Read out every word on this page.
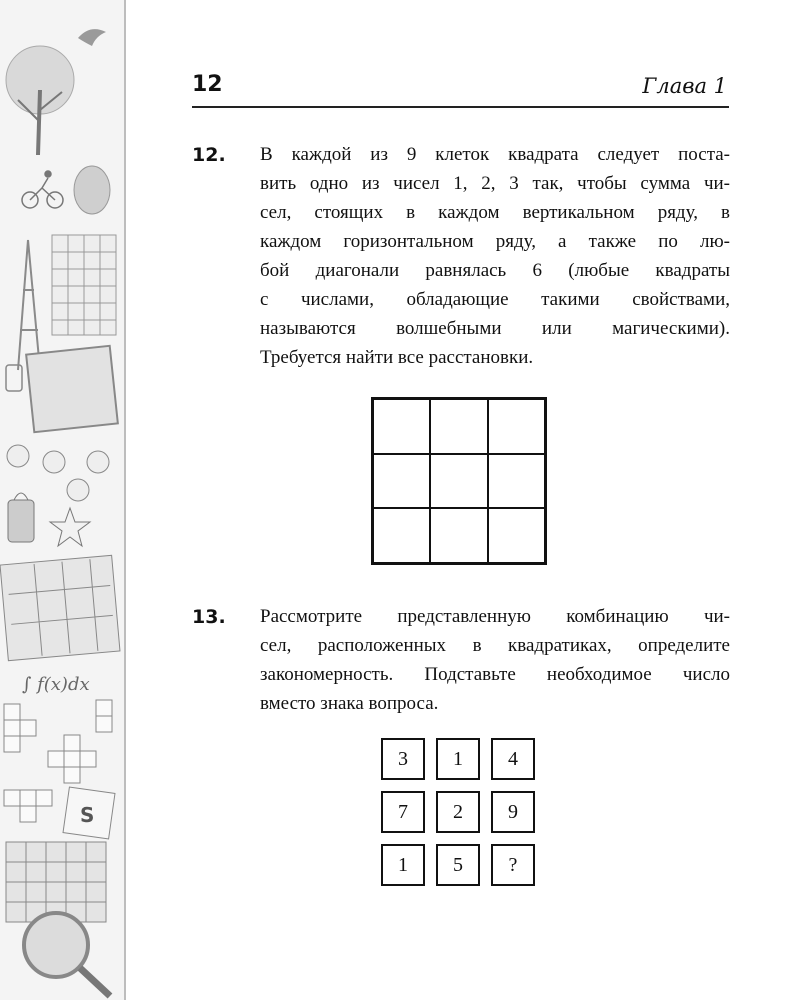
∫ f(x)dx
S
12	Глава 1
12. В каждой из 9 клеток квадрата следует поста-
вить одно из чисел 1, 2, 3 так, чтобы сумма чи-
сел, стоящих в каждом вертикальном ряду, в
каждом горизонтальном ряду, а также по лю-
бой диагонали равнялась 6 (любые квадраты
с числами, обладающие такими свойствами,
называются волшебными или магическими).
Требуется найти все расстановки.
13. Рассмотрите представленную комбинацию чи-
сел, расположенных в квадратиках, определите
закономерность. Подставьте необходимое число
вместо знака вопроса.
3	1	4
7	2	9
1	5	?
